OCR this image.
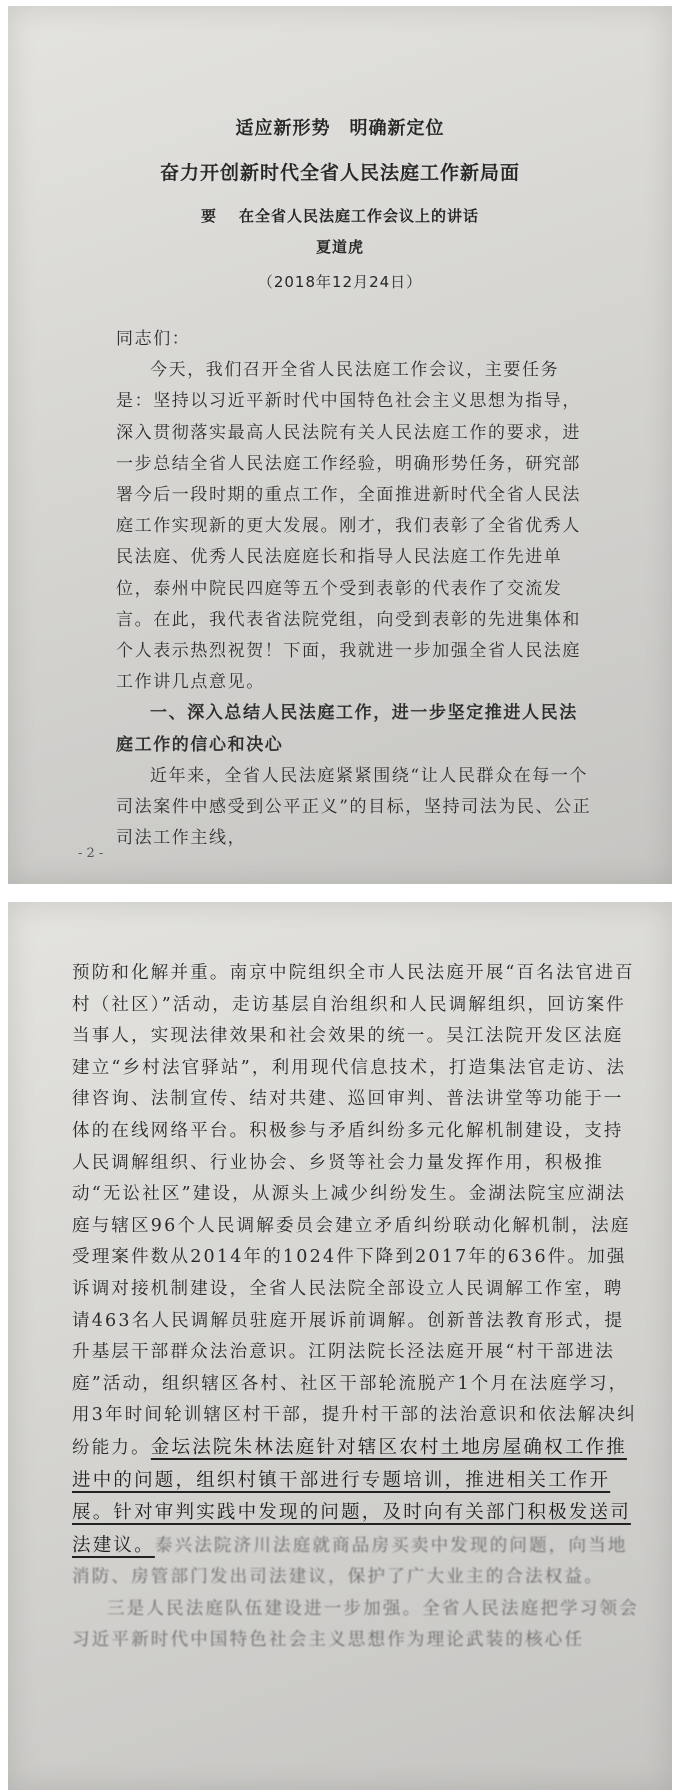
适应新形势　明确新定位
奋力开创新时代全省人民法庭工作新局面
要 在全省人民法庭工作会议上的讲话
夏道虎
（2018年12月24日）
同志们：
今天，我们召开全省人民法庭工作会议，主要任务是：坚持以习近平新时代中国特色社会主义思想为指导，深入贯彻落实最高人民法院有关人民法庭工作的要求，进一步总结全省人民法庭工作经验，明确形势任务，研究部署今后一段时期的重点工作，全面推进新时代全省人民法庭工作实现新的更大发展。刚才，我们表彰了全省优秀人民法庭、优秀人民法庭庭长和指导人民法庭工作先进单位，泰州中院民四庭等五个受到表彰的代表作了交流发言。在此，我代表省法院党组，向受到表彰的先进集体和个人表示热烈祝贺！下面，我就进一步加强全省人民法庭工作讲几点意见。
一、深入总结人民法庭工作，进一步坚定推进人民法庭工作的信心和决心
近年来，全省人民法庭紧紧围绕“让人民群众在每一个司法案件中感受到公平正义”的目标，坚持司法为民、公正司法工作主线，
- 2 -
预防和化解并重。南京中院组织全市人民法庭开展“百名法官进百村（社区）”活动，走访基层自治组织和人民调解组织，回访案件当事人，实现法律效果和社会效果的统一。吴江法院开发区法庭建立“乡村法官驿站”，利用现代信息技术，打造集法官走访、法律咨询、法制宣传、结对共建、巡回审判、普法讲堂等功能于一体的在线网络平台。积极参与矛盾纠纷多元化解机制建设，支持人民调解组织、行业协会、乡贤等社会力量发挥作用，积极推动“无讼社区”建设，从源头上减少纠纷发生。金湖法院宝应湖法庭与辖区96个人民调解委员会建立矛盾纠纷联动化解机制，法庭受理案件数从2014年的1024件下降到2017年的636件。加强诉调对接机制建设，全省人民法院全部设立人民调解工作室，聘请463名人民调解员驻庭开展诉前调解。创新普法教育形式，提升基层干部群众法治意识。江阴法院长泾法庭开展“村干部进法庭”活动，组织辖区各村、社区干部轮流脱产1个月在法庭学习，用3年时间轮训辖区村干部，提升村干部的法治意识和依法解决纠纷能力。金坛法院朱林法庭针对辖区农村土地房屋确权工作推进中的问题，组织村镇干部进行专题培训，推进相关工作开展。针对审判实践中发现的问题，及时向有关部门积极发送司法建议。泰兴法院济川法庭就商品房买卖中发现的问题，向当地消防、房管部门发出司法建议，保护了广大业主的合法权益。
三是人民法庭队伍建设进一步加强。全省人民法庭把学习领会习近平新时代中国特色社会主义思想作为理论武装的核心任
